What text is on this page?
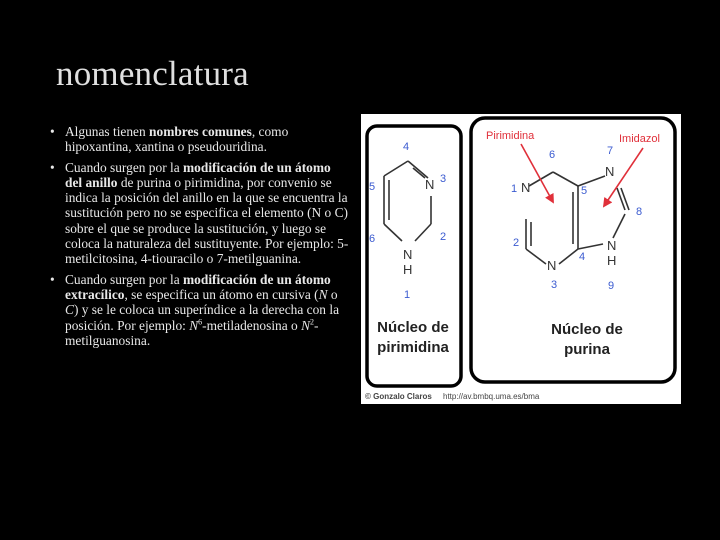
nomenclatura
• Algunas tienen nombres comunes, como hipoxantina, xantina o pseudouridina.
• Cuando surgen por la modificación de un átomo del anillo de purina o pirimidina, por convenio se indica la posición del anillo en la que se encuentra la sustitución pero no se especifica el elemento (N o C) sobre el que se produce la sustitución, y luego se coloca la naturaleza del sustituyente. Por ejemplo: 5-metilcitosina, 4-tiouracilo o 7-metilguanina.
• Cuando surgen por la modificación de un átomo extracílico, se especifica un átomo en cursiva (N o C) y se le coloca un superíndice a la derecha con la posición. Por ejemplo: $N^6$-metiladenosina o $N^2$-metilguanosina.
4
5
6
N 3
2
N
H
1
Núcleo de
pirimidina
N
N
N
N
H
1
2
3
4
5
6	7
8
9
Pirimidina	Imidazol
Núcleo de
purina
© Gonzalo Claros http://av.bmbq.uma.es/bma
